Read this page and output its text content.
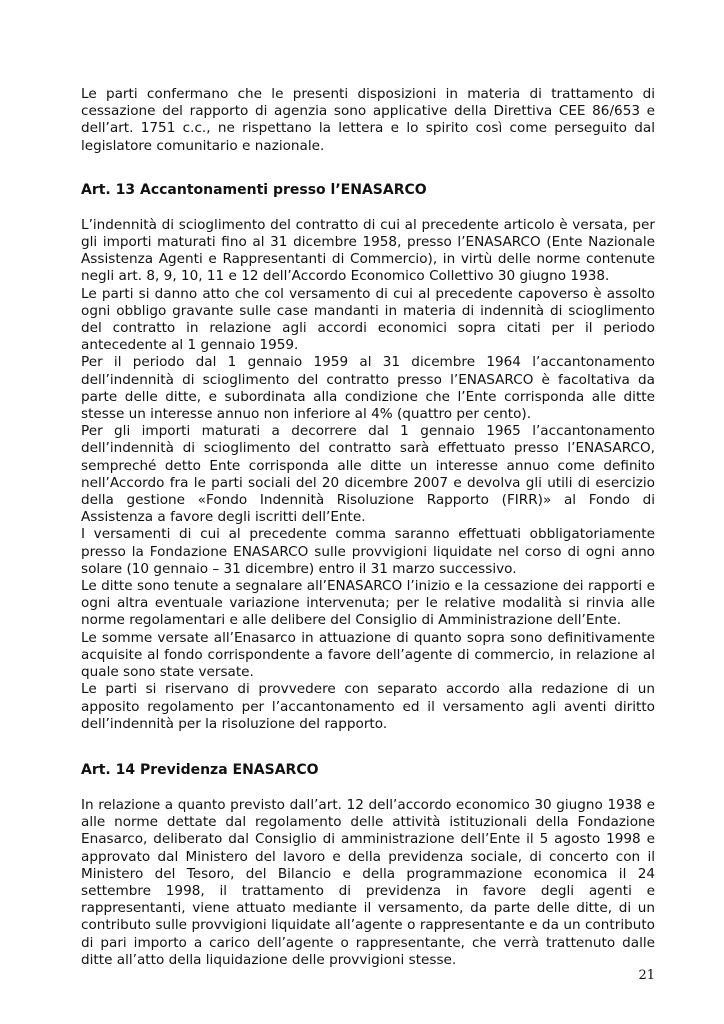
Le parti confermano che le presenti disposizioni in materia di trattamento di cessazione del rapporto di agenzia sono applicative della Direttiva CEE 86/653 e dell’art. 1751 c.c., ne rispettano la lettera e lo spirito così come perseguito dal legislatore comunitario e nazionale.

Art. 13 Accantonamenti presso l’ENASARCO

L’indennità di scioglimento del contratto di cui al precedente articolo è versata, per gli importi maturati fino al 31 dicembre 1958, presso l’ENASARCO (Ente Nazionale Assistenza Agenti e Rappresentanti di Commercio), in virtù delle norme contenute negli art. 8, 9, 10, 11 e 12 dell’Accordo Economico Collettivo 30 giugno 1938.

Le parti si danno atto che col versamento di cui al precedente capoverso è assolto ogni obbligo gravante sulle case mandanti in materia di indennità di scioglimento del contratto in relazione agli accordi economici sopra citati per il periodo antecedente al 1 gennaio 1959.

Per il periodo dal 1 gennaio 1959 al 31 dicembre 1964 l’accantonamento dell’indennità di scioglimento del contratto presso l’ENASARCO è facoltativa da parte delle ditte, e subordinata alla condizione che l’Ente corrisponda alle ditte stesse un interesse annuo non inferiore al 4% (quattro per cento).

Per gli importi maturati a decorrere dal 1 gennaio 1965 l’accantonamento dell’indennità di scioglimento del contratto sarà effettuato presso l’ENASARCO, sempreché detto Ente corrisponda alle ditte un interesse annuo come definito nell’Accordo fra le parti sociali del 20 dicembre 2007 e devolva gli utili di esercizio della gestione «Fondo Indennità Risoluzione Rapporto (FIRR)» al Fondo di Assistenza a favore degli iscritti dell’Ente.

I versamenti di cui al precedente comma saranno effettuati obbligatoriamente presso la Fondazione ENASARCO sulle provvigioni liquidate nel corso di ogni anno solare (10 gennaio – 31 dicembre) entro il 31 marzo successivo.

Le ditte sono tenute a segnalare all’ENASARCO l’inizio e la cessazione dei rapporti e ogni altra eventuale variazione intervenuta; per le relative modalità si rinvia alle norme regolamentari e alle delibere del Consiglio di Amministrazione dell’Ente.

Le somme versate all’Enasarco in attuazione di quanto sopra sono definitivamente acquisite al fondo corrispondente a favore dell’agente di commercio, in relazione al quale sono state versate.

Le parti si riservano di provvedere con separato accordo alla redazione di un apposito regolamento per l’accantonamento ed il versamento agli aventi diritto dell’indennità per la risoluzione del rapporto.

Art. 14 Previdenza ENASARCO

In relazione a quanto previsto dall’art. 12 dell’accordo economico 30 giugno 1938 e alle norme dettate dal regolamento delle attività istituzionali della Fondazione Enasarco, deliberato dal Consiglio di amministrazione dell’Ente il 5 agosto 1998 e approvato dal Ministero del lavoro e della previdenza sociale, di concerto con il Ministero del Tesoro, del Bilancio e della programmazione economica il 24 settembre 1998, il trattamento di previdenza in favore degli agenti e rappresentanti, viene attuato mediante il versamento, da parte delle ditte, di un contributo sulle provvigioni liquidate all’agente o rappresentante e da un contributo di pari importo a carico dell’agente o rappresentante, che verrà trattenuto dalle ditte all’atto della liquidazione delle provvigioni stesse.

21
